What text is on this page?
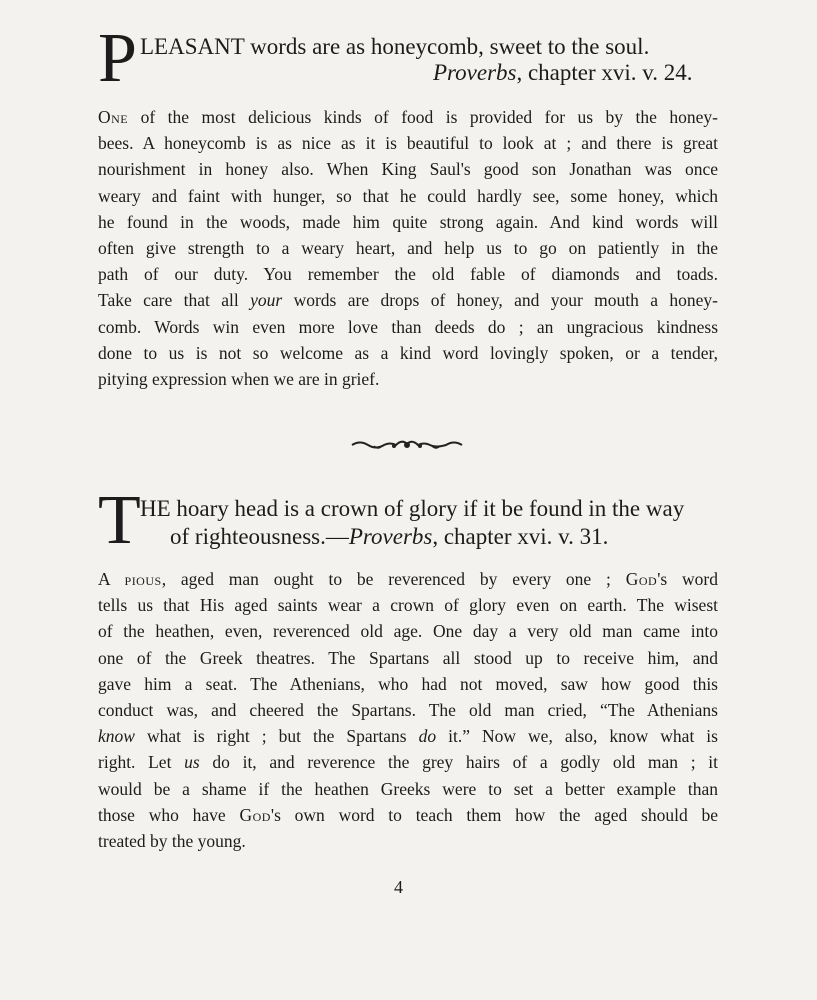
P LEASANT words are as honeycomb, sweet to the soul.
Proverbs, chapter xvi. v. 24.
One of the most delicious kinds of food is provided for us by the honey-
bees. A honeycomb is as nice as it is beautiful to look at ; and there is great
nourishment in honey also. When King Saul's good son Jonathan was once
weary and faint with hunger, so that he could hardly see, some honey, which
he found in the woods, made him quite strong again. And kind words will
often give strength to a weary heart, and help us to go on patiently in the
path of our duty. You remember the old fable of diamonds and toads.
Take care that all your words are drops of honey, and your mouth a honey-
comb. Words win even more love than deeds do ; an ungracious kindness
done to us is not so welcome as a kind word lovingly spoken, or a tender,
pitying expression when we are in grief.
T HE hoary head is a crown of glory if it be found in the way
of righteousness.—Proverbs, chapter xvi. v. 31.
A pious, aged man ought to be reverenced by every one ; God's word
tells us that His aged saints wear a crown of glory even on earth. The wisest
of the heathen, even, reverenced old age. One day a very old man came into
one of the Greek theatres. The Spartans all stood up to receive him, and
gave him a seat. The Athenians, who had not moved, saw how good this
conduct was, and cheered the Spartans. The old man cried, “The Athenians
know what is right ; but the Spartans do it.” Now we, also, know what is
right. Let us do it, and reverence the grey hairs of a godly old man ; it
would be a shame if the heathen Greeks were to set a better example than
those who have God's own word to teach them how the aged should be
treated by the young.
4
